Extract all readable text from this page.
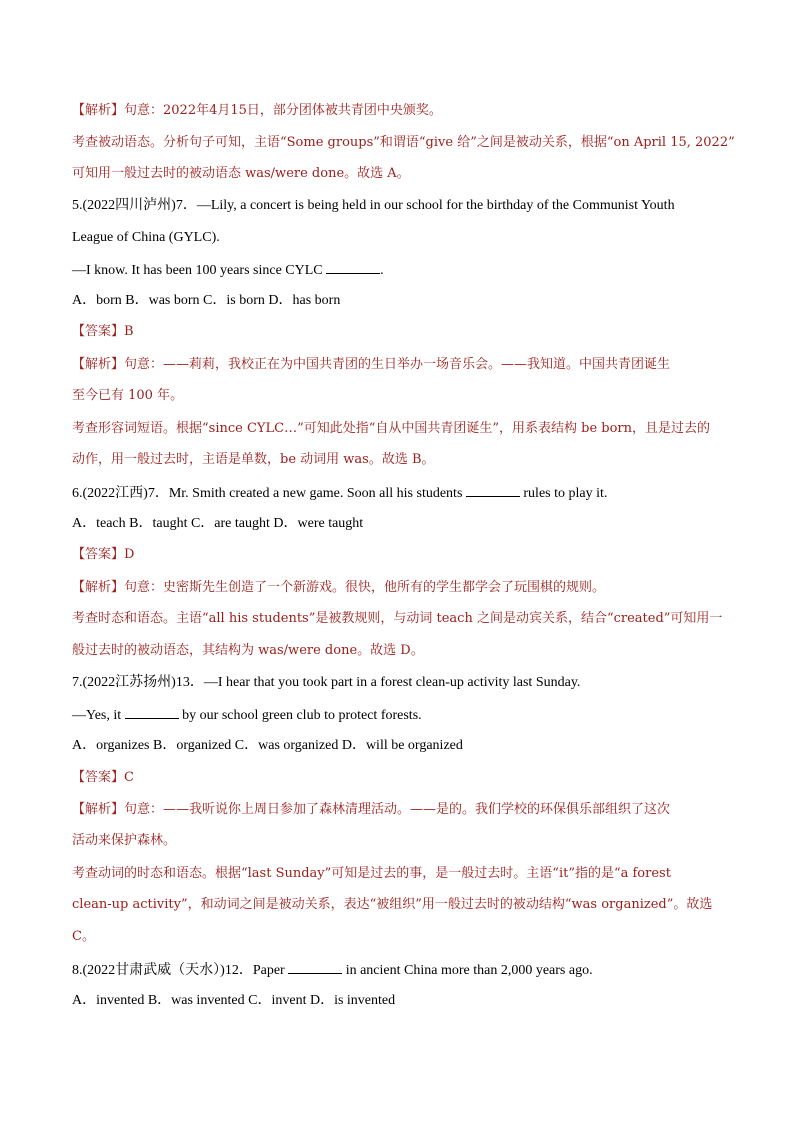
【解析】句意：2022年4月15日，部分团体被共青团中央颁奖。
考查被动语态。分析句子可知，主语“Some groups”和谓语“give 给”之间是被动关系，根据“on April 15, 2022”
可知用一般过去时的被动语态 was/were done。故选 A。
5.(2022四川泸州)7．—Lily, a concert is being held in our school for the birthday of the Communist Youth
League of China (GYLC).
—I know. It has been 100 years since CYLC	.
A．born B．was born C．is born D．has born
【答案】B
【解析】句意：——莉莉，我校正在为中国共青团的生日举办一场音乐会。——我知道。中国共青团诞生
至今已有 100 年。
考查形容词短语。根据“since CYLC…”可知此处指“自从中国共青团诞生”，用系表结构 be born，且是过去的
动作，用一般过去时，主语是单数，be 动词用 was。故选 B。
6.(2022江西)7．Mr. Smith created a new game. Soon all his students	rules to play it.
A．teach B．taught C．are taught D．were taught
【答案】D
【解析】句意：史密斯先生创造了一个新游戏。很快，他所有的学生都学会了玩围棋的规则。
考查时态和语态。主语“all his students”是被教规则，与动词 teach 之间是动宾关系，结合“created”可知用一
般过去时的被动语态，其结构为 was/were done。故选 D。
7.(2022江苏扬州)13．—I hear that you took part in a forest clean-up activity last Sunday.
—Yes, it	by our school green club to protect forests.
A．organizes B．organized C．was organized D．will be organized
【答案】C
【解析】句意：——我听说你上周日参加了森林清理活动。——是的。我们学校的环保俱乐部组织了这次
活动来保护森林。
考查动词的时态和语态。根据“last Sunday”可知是过去的事，是一般过去时。主语“it”指的是“a forest
clean-up activity”，和动词之间是被动关系，表达“被组织”用一般过去时的被动结构“was organized”。故选
C。
8.(2022甘肃武威（天水）)12．Paper	in ancient China more than 2,000 years ago.
A．invented B．was invented C．invent D．is invented
